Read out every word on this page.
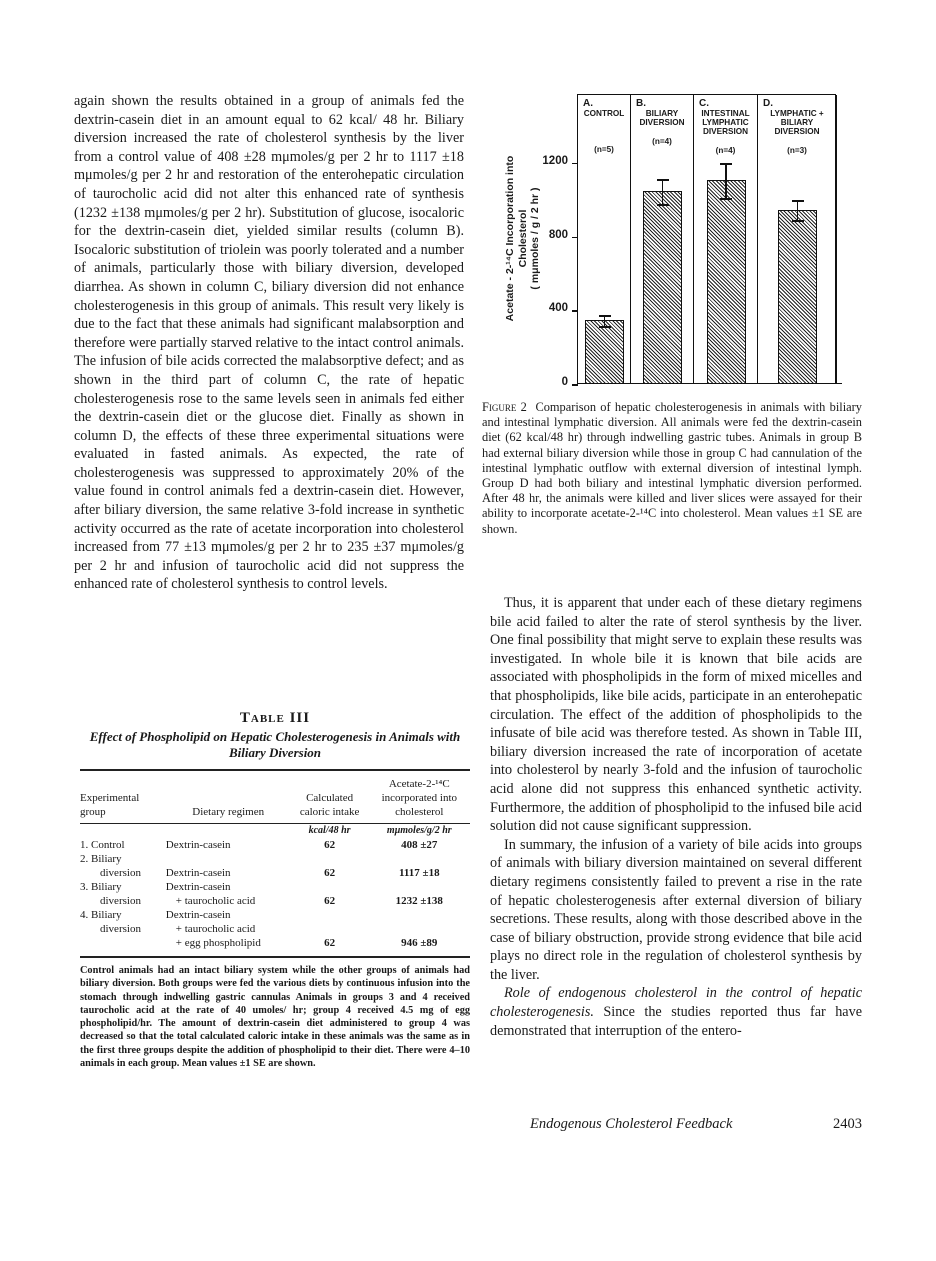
again shown the results obtained in a group of animals fed the dextrin-casein diet in an amount equal to 62 kcal/ 48 hr. Biliary diversion increased the rate of cholesterol synthesis by the liver from a control value of 408 ±28 mμmoles/g per 2 hr to 1117 ±18 mμmoles/g per 2 hr and restoration of the enterohepatic circulation of taurocholic acid did not alter this enhanced rate of synthesis (1232 ±138 mμmoles/g per 2 hr). Substitution of glucose, isocaloric for the dextrin-casein diet, yielded similar results (column B). Isocaloric substitution of triolein was poorly tolerated and a number of animals, particularly those with biliary diversion, developed diarrhea. As shown in column C, biliary diversion did not enhance cholesterogenesis in this group of animals. This result very likely is due to the fact that these animals had significant malabsorption and therefore were partially starved relative to the intact control animals. The infusion of bile acids corrected the malabsorptive defect; and as shown in the third part of column C, the rate of hepatic cholesterogenesis rose to the same levels seen in animals fed either the dextrin-casein diet or the glucose diet. Finally as shown in column D, the effects of these three experimental situations were evaluated in fasted animals. As expected, the rate of cholesterogenesis was suppressed to approximately 20% of the value found in control animals fed a dextrin-casein diet. However, after biliary diversion, the same relative 3-fold increase in synthetic activity occurred as the rate of acetate incorporation into cholesterol increased from 77 ±13 mμmoles/g per 2 hr to 235 ±37 mμmoles/g per 2 hr and infusion of taurocholic acid did not suppress the enhanced rate of cholesterol synthesis to control levels.

Table III
Effect of Phospholipid on Hepatic Cholesterogenesis in Animals with Biliary Diversion
Experimental group	Dietary regimen	Calculated caloric intake	Acetate-2-¹⁴C incorporated into cholesterol
		kcal/48 hr	mμmoles/g/2 hr
1. Control	Dextrin-casein	62	408 ±27
2. Biliary			
diversion	Dextrin-casein	62	1117 ±18
3. Biliary	Dextrin-casein		
diversion	+ taurocholic acid	62	1232 ±138
4. Biliary	Dextrin-casein		
diversion	+ taurocholic acid		
	+ egg phospholipid	62	946 ±89
Control animals had an intact biliary system while the other groups of animals had biliary diversion. Both groups were fed the various diets by continuous infusion into the stomach through indwelling gastric cannulas Animals in groups 3 and 4 received taurocholic acid at the rate of 40 umoles/ hr; group 4 received 4.5 mg of egg phospholipid/hr. The amount of dextrin-casein diet administered to group 4 was decreased so that the total calculated caloric intake in these animals was the same as in the first three groups despite the addition of phospholipid to their diet. There were 4–10 animals in each group. Mean values ±1 SE are shown.
Acetate - 2-¹⁴C Incorporation into Cholesterol ( mμmoles / g / 2 hr )
A.
CONTROL
(n=5)
B.
BILIARY DIVERSION
(n=4)
C.
INTESTINAL LYMPHATIC DIVERSION
(n=4)
D.
LYMPHATIC + BILIARY DIVERSION
(n=3)
0
400
800
1200
Figure 2 Comparison of hepatic cholesterogenesis in animals with biliary and intestinal lymphatic diversion. All animals were fed the dextrin-casein diet (62 kcal/48 hr) through indwelling gastric tubes. Animals in group B had external biliary diversion while those in group C had cannulation of the intestinal lymphatic outflow with external diversion of intestinal lymph. Group D had both biliary and intestinal lymphatic diversion performed. After 48 hr, the animals were killed and liver slices were assayed for their ability to incorporate acetate-2-¹⁴C into cholesterol. Mean values ±1 SE are shown.

Thus, it is apparent that under each of these dietary regimens bile acid failed to alter the rate of sterol synthesis by the liver. One final possibility that might serve to explain these results was investigated. In whole bile it is known that bile acids are associated with phospholipids in the form of mixed micelles and that phospholipids, like bile acids, participate in an enterohepatic circulation. The effect of the addition of phospholipids to the infusate of bile acid was therefore tested. As shown in Table III, biliary diversion increased the rate of incorporation of acetate into cholesterol by nearly 3-fold and the infusion of taurocholic acid alone did not suppress this enhanced synthetic activity. Furthermore, the addition of phospholipid to the infused bile acid solution did not cause significant suppression.

In summary, the infusion of a variety of bile acids into groups of animals with biliary diversion maintained on several different dietary regimens consistently failed to prevent a rise in the rate of hepatic cholesterogenesis after external diversion of biliary secretions. These results, along with those described above in the case of biliary obstruction, provide strong evidence that bile acid plays no direct role in the regulation of cholesterol synthesis by the liver.

Role of endogenous cholesterol in the control of hepatic cholesterogenesis. Since the studies reported thus far have demonstrated that interruption of the entero-

Endogenous Cholesterol Feedback	2403
